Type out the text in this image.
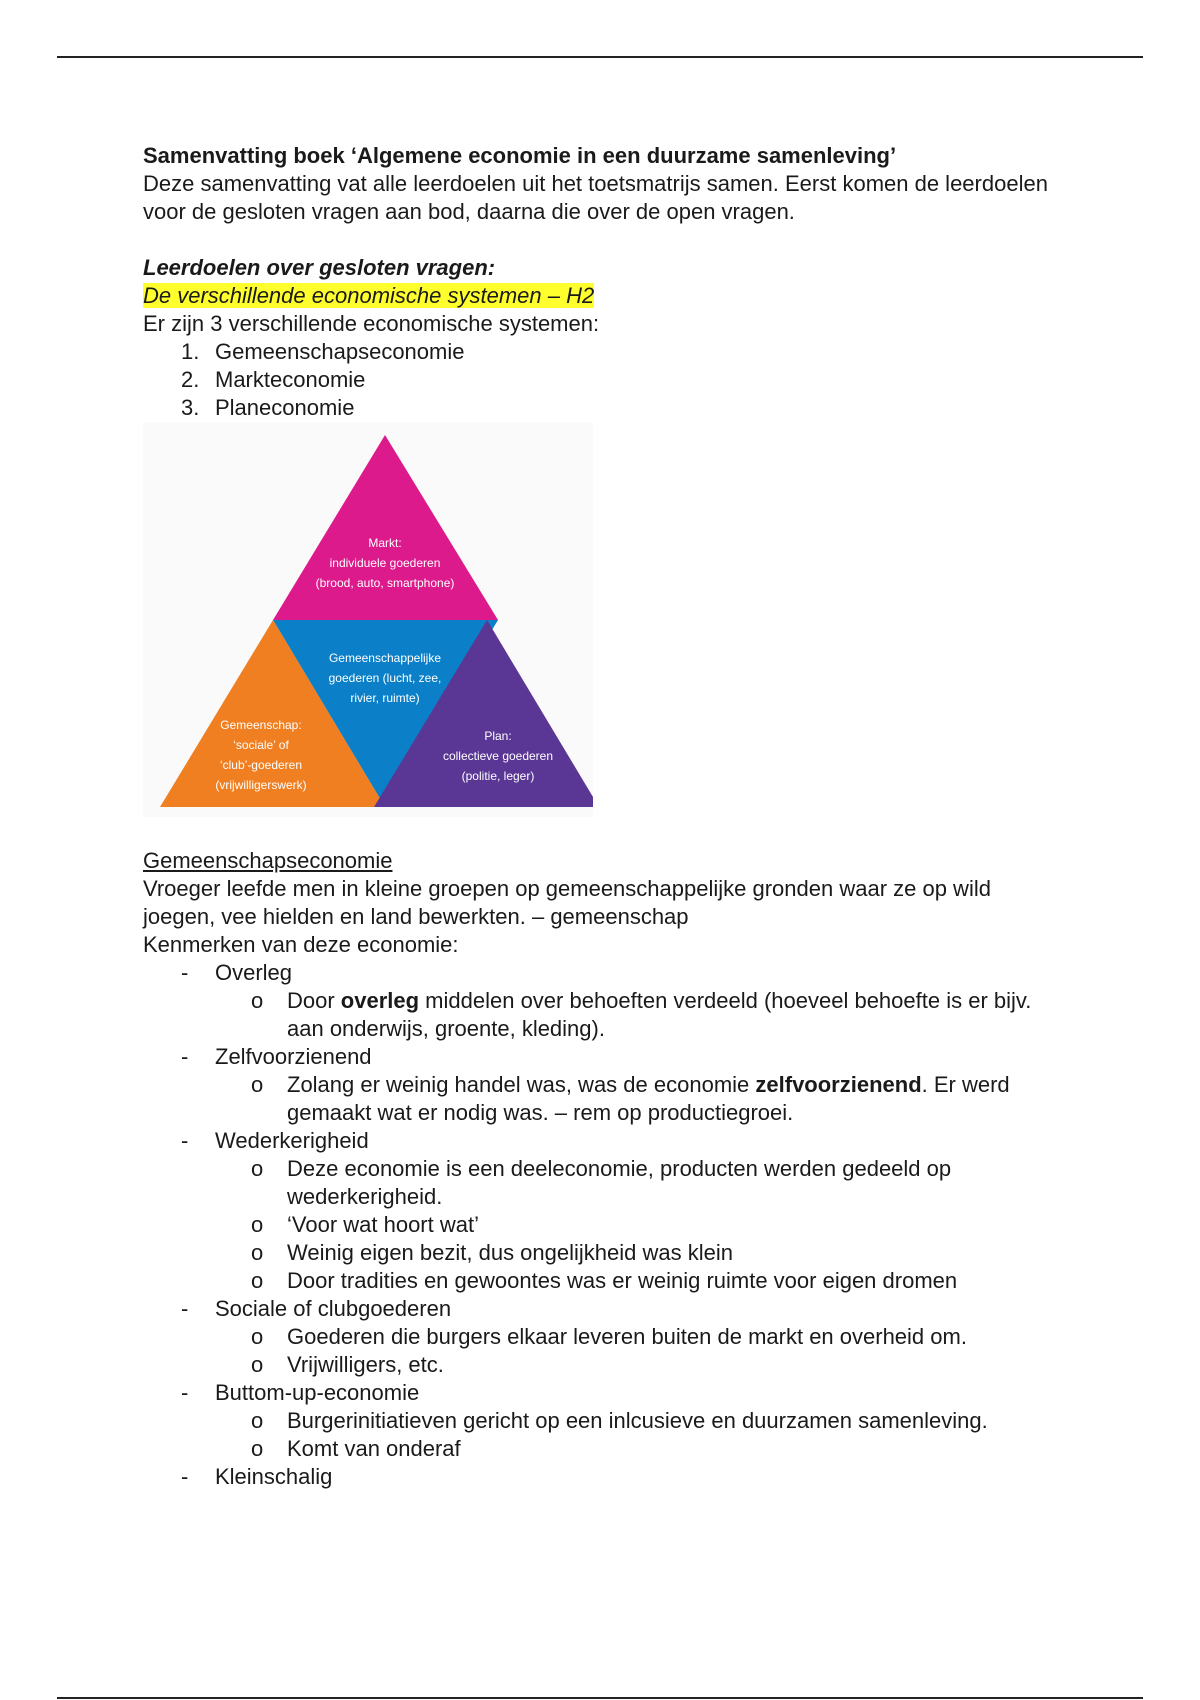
Samenvatting boek ‘Algemene economie in een duurzame samenleving’

Deze samenvatting vat alle leerdoelen uit het toetsmatrijs samen. Eerst komen de leerdoelen voor de gesloten vragen aan bod, daarna die over de open vragen.

Leerdoelen over gesloten vragen:

De verschillende economische systemen – H2

Er zijn 3 verschillende economische systemen:

1. Gemeenschapseconomie
2. Markteconomie
3. Planeconomie
Markt:
individuele goederen
(brood, auto, smartphone)
Gemeenschappelijke
goederen (lucht, zee,
rivier, ruimte)
Gemeenschap:
‘sociale’ of
‘club’-goederen
(vrijwilligerswerk)
Plan:
collectieve goederen
(politie, leger)

Gemeenschapseconomie

Vroeger leefde men in kleine groepen op gemeenschappelijke gronden waar ze op wild joegen, vee hielden en land bewerkten. – gemeenschap

Kenmerken van deze economie:

- Overleg
o Door overleg middelen over behoeften verdeeld (hoeveel behoefte is er bijv. aan onderwijs, groente, kleding).
- Zelfvoorzienend
o Zolang er weinig handel was, was de economie zelfvoorzienend. Er werd gemaakt wat er nodig was. – rem op productiegroei.
- Wederkerigheid
o Deze economie is een deeleconomie, producten werden gedeeld op wederkerigheid.
o ‘Voor wat hoort wat’
o Weinig eigen bezit, dus ongelijkheid was klein
o Door tradities en gewoontes was er weinig ruimte voor eigen dromen
- Sociale of clubgoederen
o Goederen die burgers elkaar leveren buiten de markt en overheid om.
o Vrijwilligers, etc.
- Buttom-up-economie
o Burgerinitiatieven gericht op een inlcusieve en duurzamen samenleving.
o Komt van onderaf
- Kleinschalig
